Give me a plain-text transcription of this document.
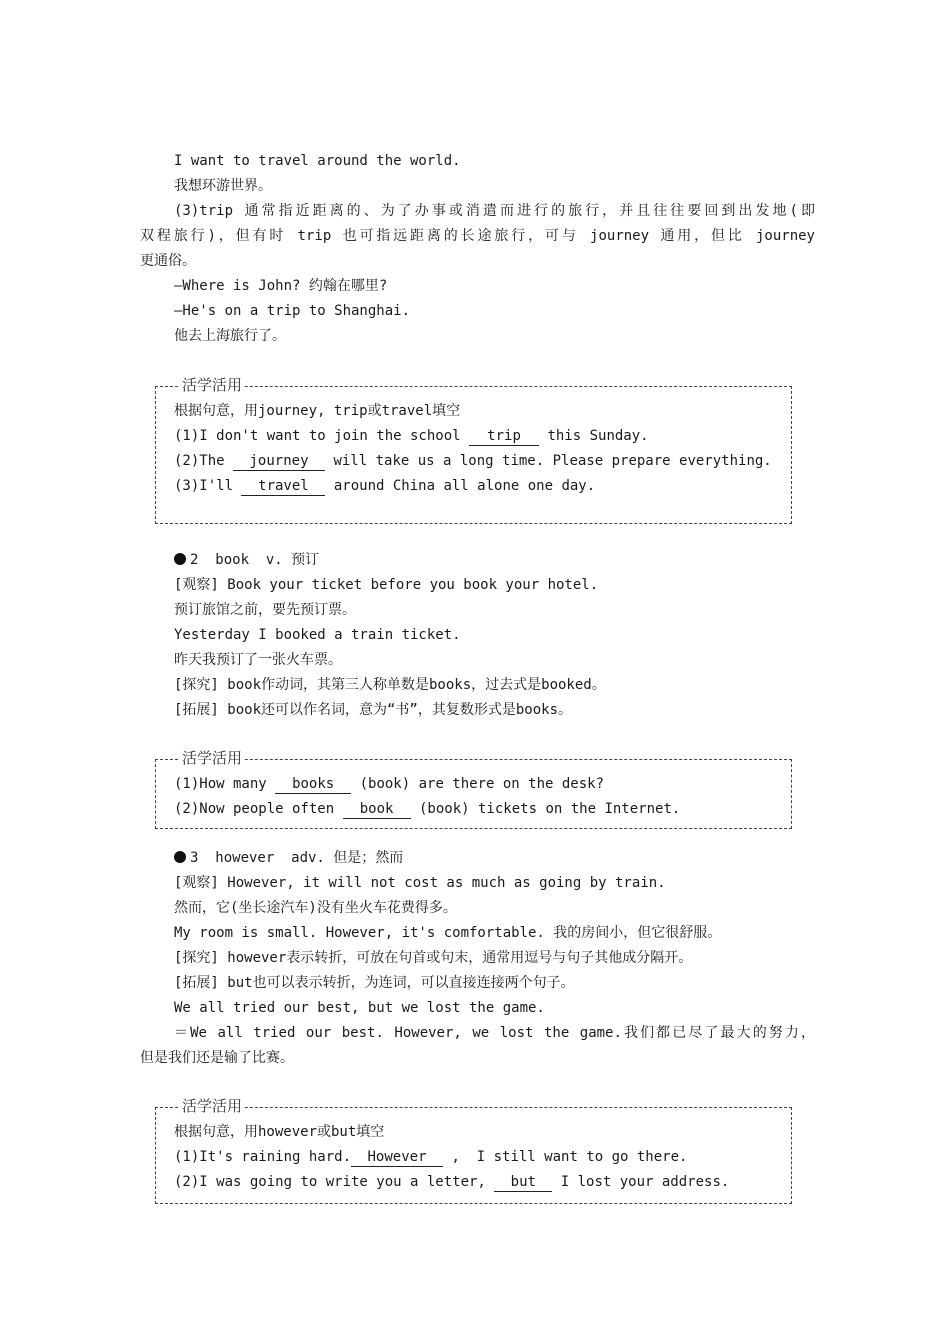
I want to travel around the world.
我想环游世界。
(3)trip 通常指近距离的、为了办事或消遣而进行的旅行，并且往往要回到出发地(即
双程旅行)，但有时 trip 也可指远距离的长途旅行，可与 journey 通用，但比 journey
更通俗。
—Where is John? 约翰在哪里?
—He's on a trip to Shanghai.
他去上海旅行了。
活学活用
根据句意，用journey, trip或travel填空
(1)I don't want to join the school trip this Sunday.
(2)The journey will take us a long time. Please prepare everything.
(3)I'll travel around China all alone one day.
2  book  v. 预订
[观察] Book your ticket before you book your hotel.
预订旅馆之前，要先预订票。
Yesterday I booked a train ticket.
昨天我预订了一张火车票。
[探究] book作动词，其第三人称单数是books，过去式是booked。
[拓展] book还可以作名词，意为“书”，其复数形式是books。
活学活用
(1)How many books (book) are there on the desk?
(2)Now people often book (book) tickets on the Internet.
3  however  adv. 但是；然而
[观察] However, it will not cost as much as going by train.
然而，它(坐长途汽车)没有坐火车花费得多。
My room is small. However, it's comfortable. 我的房间小，但它很舒服。
[探究] however表示转折，可放在句首或句末，通常用逗号与句子其他成分隔开。
[拓展] but也可以表示转折，为连词，可以直接连接两个句子。
We all tried our best, but we lost the game.
＝We all tried our best. However, we lost the game.我们都已尽了最大的努力，
但是我们还是输了比赛。
活学活用
根据句意，用however或but填空
(1)It's raining hard. However ,  I still want to go there.
(2)I was going to write you a letter, but I lost your address.
